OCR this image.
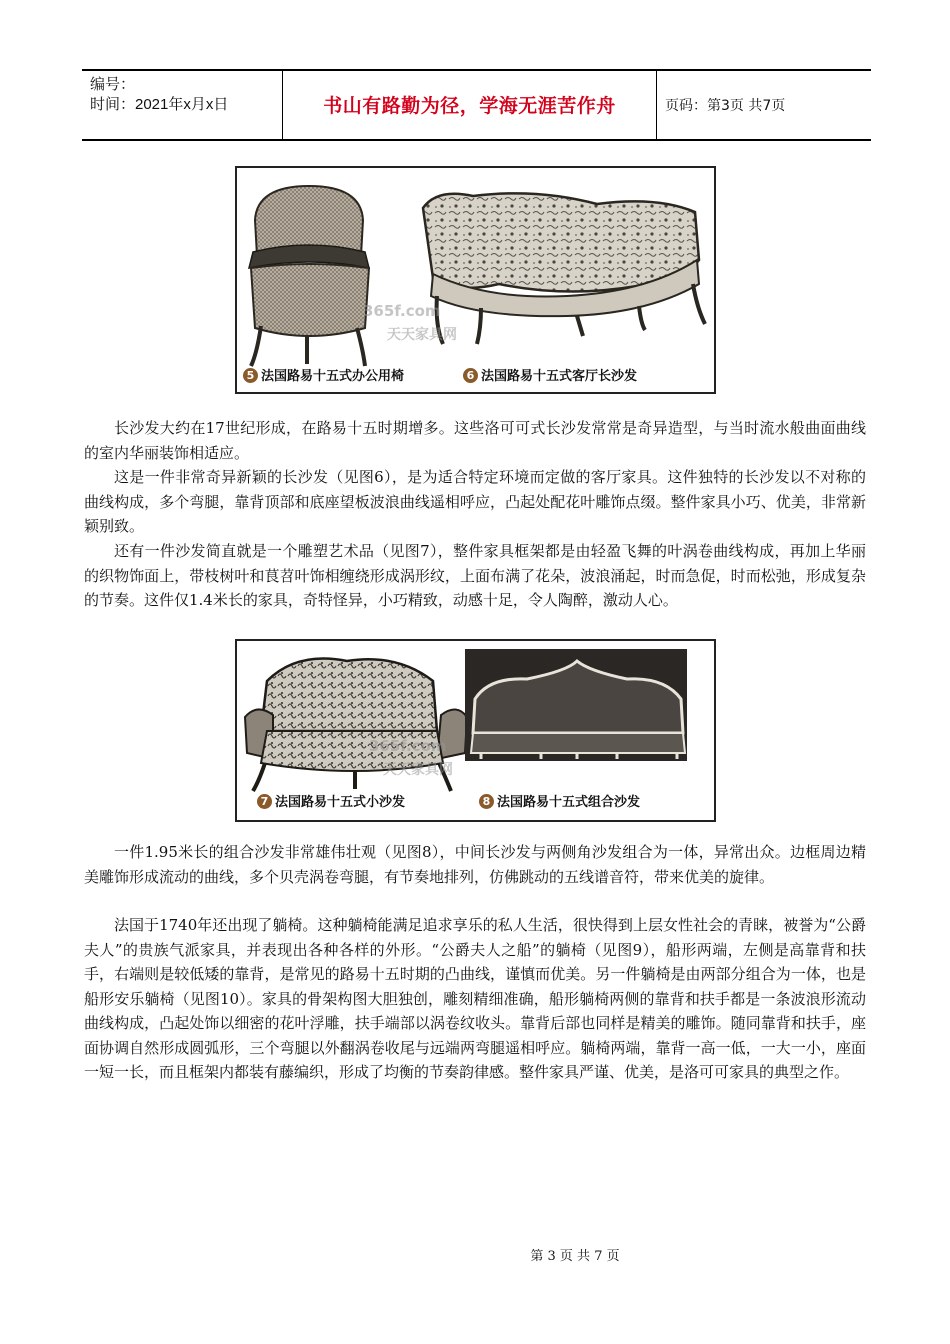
编号：
时间：2021年x月x日	书山有路勤为径，学海无涯苦作舟	页码：第3页 共7页
365f.com
天天家具网
5 法国路易十五式办公用椅	6 法国路易十五式客厅长沙发

长沙发大约在17世纪形成，在路易十五时期增多。这些洛可可式长沙发常常是奇异造型，与当时流水般曲面曲线的室内华丽装饰相适应。

这是一件非常奇异新颖的长沙发（见图6），是为适合特定环境而定做的客厅家具。这件独特的长沙发以不对称的曲线构成，多个弯腿，靠背顶部和底座望板波浪曲线遥相呼应，凸起处配花叶雕饰点缀。整件家具小巧、优美，非常新颖别致。

还有一件沙发简直就是一个雕塑艺术品（见图7），整件家具框架都是由轻盈飞舞的叶涡卷曲线构成，再加上华丽的织物饰面上，带枝树叶和茛苕叶饰相缠绕形成涡形纹，上面布满了花朵，波浪涌起，时而急促，时而松弛，形成复杂的节奏。这件仅1.4米长的家具，奇特怪异，小巧精致，动感十足，令人陶醉，激动人心。

365f.com
天天家具网
7 法国路易十五式小沙发	8 法国路易十五式组合沙发

一件1.95米长的组合沙发非常雄伟壮观（见图8），中间长沙发与两侧角沙发组合为一体，异常出众。边框周边精美雕饰形成流动的曲线，多个贝壳涡卷弯腿，有节奏地排列，仿佛跳动的五线谱音符，带来优美的旋律。

法国于1740年还出现了躺椅。这种躺椅能满足追求享乐的私人生活，很快得到上层女性社会的青睐，被誉为“公爵夫人”的贵族气派家具，并表现出各种各样的外形。“公爵夫人之船”的躺椅（见图9），船形两端，左侧是高靠背和扶手，右端则是较低矮的靠背，是常见的路易十五时期的凸曲线，谨慎而优美。另一件躺椅是由两部分组合为一体，也是船形安乐躺椅（见图10）。家具的骨架构图大胆独创，雕刻精细准确，船形躺椅两侧的靠背和扶手都是一条波浪形流动曲线构成，凸起处饰以细密的花叶浮雕，扶手端部以涡卷纹收头。靠背后部也同样是精美的雕饰。随同靠背和扶手，座面协调自然形成圆弧形，三个弯腿以外翻涡卷收尾与远端两弯腿遥相呼应。躺椅两端，靠背一高一低，一大一小，座面一短一长，而且框架内都装有藤编织，形成了均衡的节奏韵律感。整件家具严谨、优美，是洛可可家具的典型之作。

第 3 页 共 7 页
